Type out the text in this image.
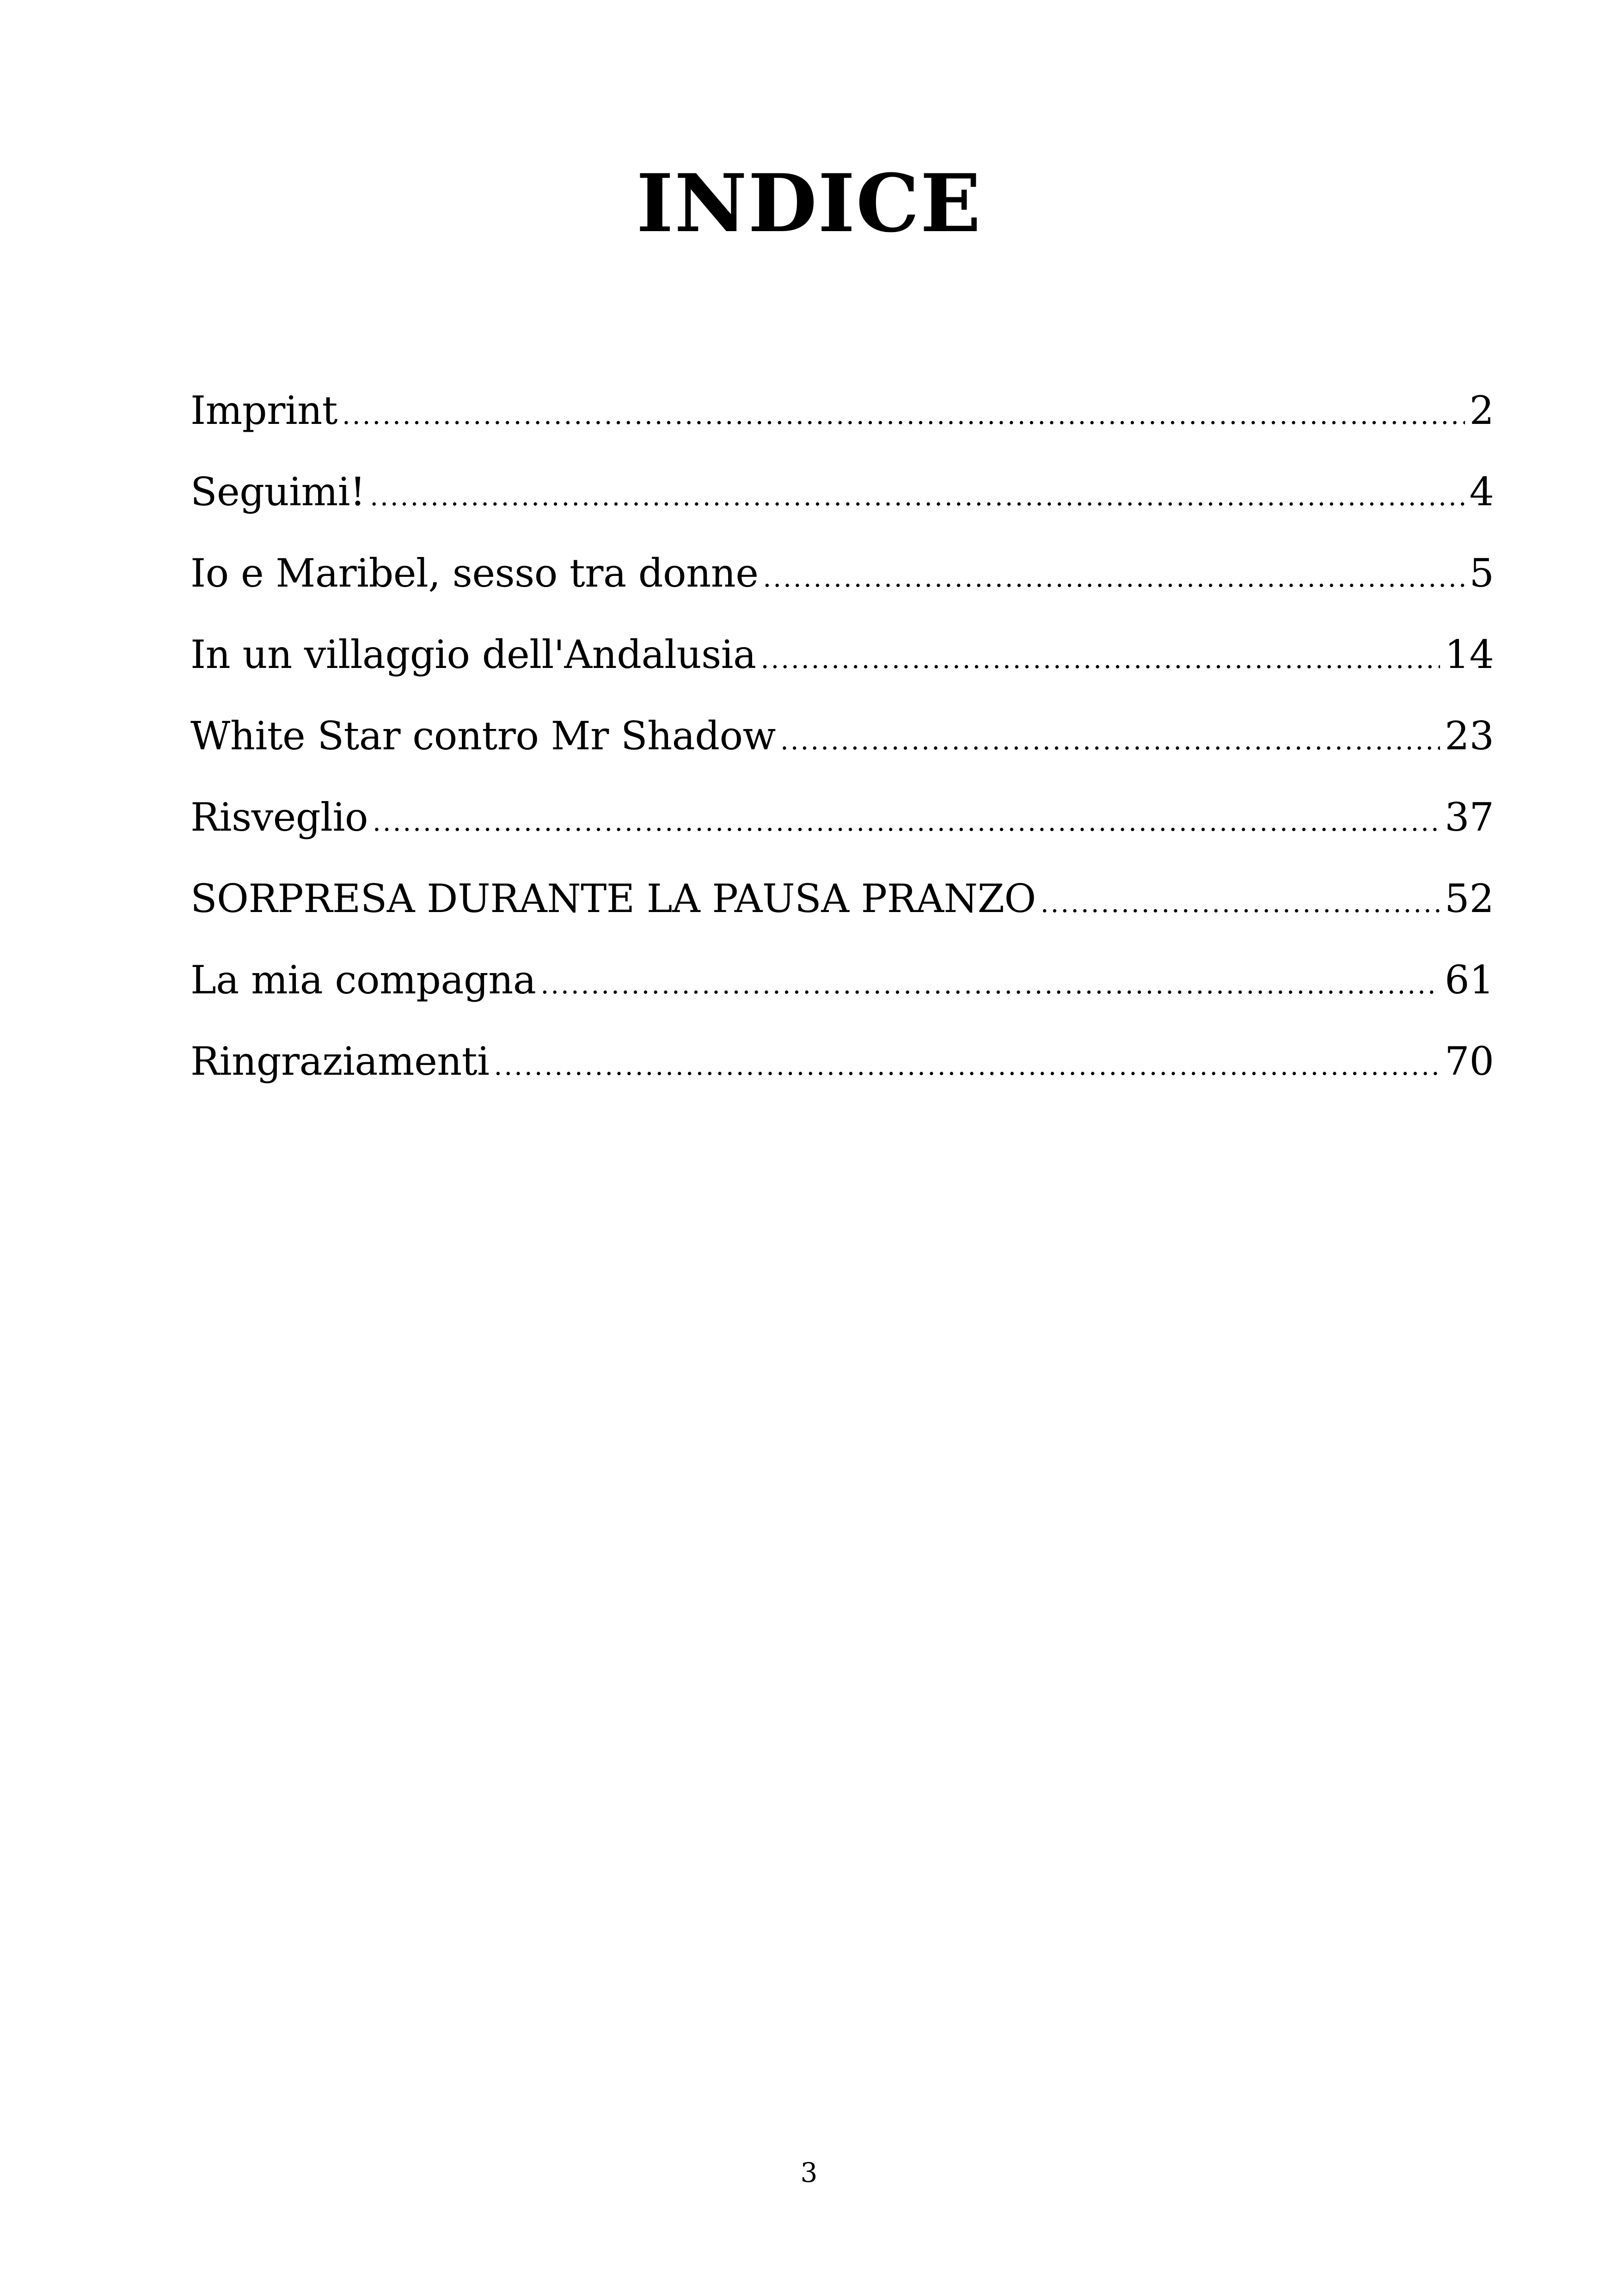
INDICE
Imprint .....	2
Seguimi! .....	4
Io e Maribel, sesso tra donne .....	5
In un villaggio dell'Andalusia .....	14
White Star contro Mr Shadow .....	23
Risveglio .....	37
SORPRESA DURANTE LA PAUSA PRANZO .....	52
La mia compagna .....	61
Ringraziamenti .....	70
3
